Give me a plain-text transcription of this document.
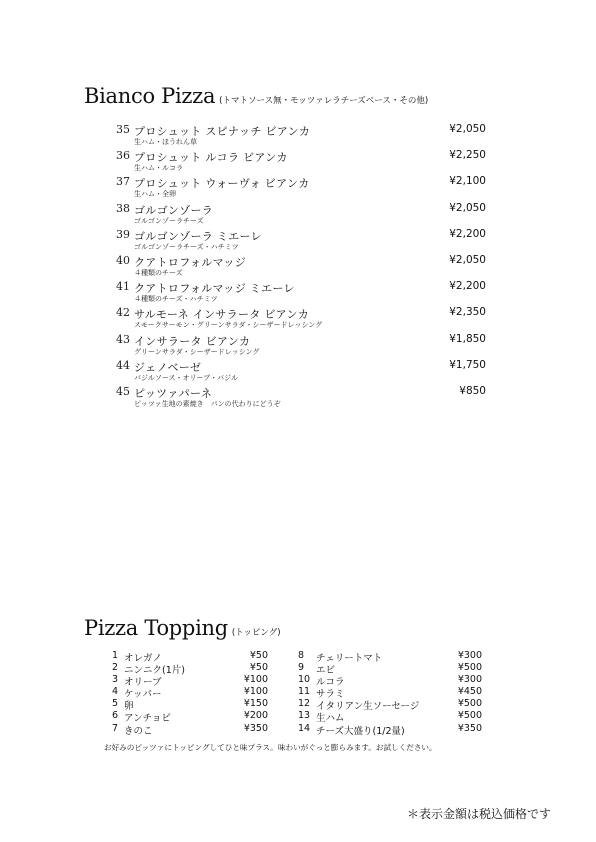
Bianco Pizza (トマトソース無・モッツァレラチーズベース・その他)
35 プロシュット スピナッチ ビアンカ
生ハム・ほうれん草
¥2,050
36 プロシュット ルコラ ビアンカ
生ハム・ルコラ
¥2,250
37 プロシュット ウォーヴォ ビアンカ
生ハム・全卵
¥2,100
38 ゴルゴンゾーラ
ゴルゴンゾーラチーズ
¥2,050
39 ゴルゴンゾーラ ミエーレ
ゴルゴンゾーラチーズ・ハチミツ
¥2,200
40 クアトロフォルマッジ
４種類のチーズ
¥2,050
41 クアトロフォルマッジ ミエーレ
４種類のチーズ・ハチミツ
¥2,200
42 サルモーネ インサラータ ビアンカ
スモークサーモン・グリーンサラダ・シーザードレッシング
¥2,350
43 インサラータ ビアンカ
グリーンサラダ・シーザードレッシング
¥1,850
44 ジェノベーゼ
バジルソース・オリーブ・バジル
¥1,750
45 ピッツァパーネ
ピッツァ生地の素焼き　パンの代わりにどうぞ
¥850
Pizza Topping (トッピング)
1 オレガノ	¥50
2 ニンニク(1片)	¥50
3 オリーブ	¥100
4 ケッパー	¥100
5 卵	¥150
6 アンチョビ	¥200
7 きのこ	¥350
8 チェリートマト	¥300
9 エビ	¥500
10 ルコラ	¥300
11 サラミ	¥450
12 イタリアン生ソーセージ	¥500
13 生ハム	¥500
14 チーズ大盛り(1/2量)	¥350
お好みのピッツァにトッピングしてひと味プラス。味わいがぐっと膨らみます。お試しください。
＊表示金額は税込価格です
